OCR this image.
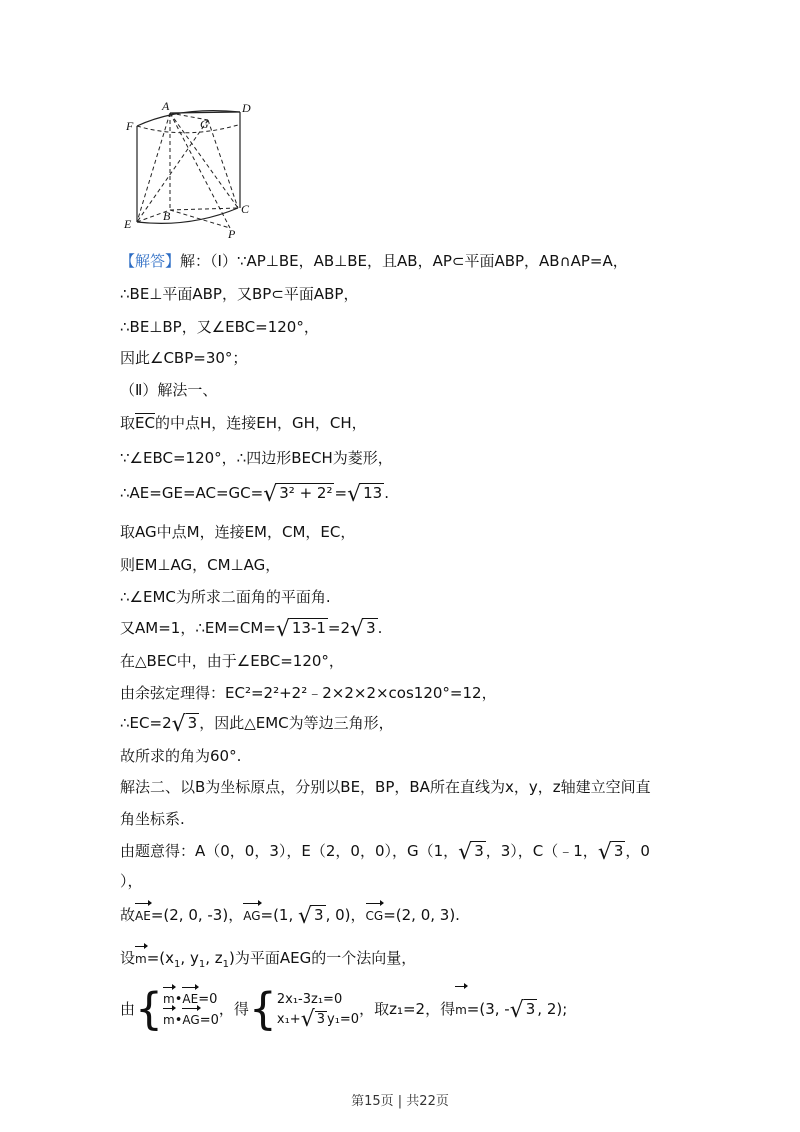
A	D
F	G
E
B	C
P
【解答】解：（Ⅰ）∵AP⊥BE，AB⊥BE，且AB，AP⊂平面ABP，AB∩AP=A，
∴BE⊥平面ABP，又BP⊂平面ABP，
∴BE⊥BP，又∠EBC=120°，
因此∠CBP=30°；
（Ⅱ）解法一、
取$\overline{EC}$的中点H，连接EH，GH，CH，
∵∠EBC=120°，∴四边形BECH为菱形，
∴AE=GE=AC=GC=√ 3² + 2² =√ 13 .
取AG中点M，连接EM，CM，EC，
则EM⊥AG，CM⊥AG，
∴∠EMC为所求二面角的平面角.
又AM=1，∴EM=CM=√ 13-1 =2√ 3 .
在△BEC中，由于∠EBC=120°，
由余弦定理得：EC²=2²+2²﹣2×2×2×cos120°=12，
∴EC=2√ 3 ，因此△EMC为等边三角形，
故所求的角为60°.
解法二、以B为坐标原点，分别以BE，BP，BA所在直线为x，y，z轴建立空间直
角坐标系.
由题意得：A（0，0，3），E（2，0，0），G（1，√ 3 ，3），C（﹣1，√ 3 ，0
），
故AE=(2, 0, -3)，AG=(1, √ 3 , 0)，CG=(2, 0, 3).
设$m=(x_1$, $y_1$, $z_1$)为平面AEG的一个法向量，
由{ m•AE=0
m•AG=0
，得{ 2x₁-3z₁=0
x₁+√ 3 y₁=0
，取z₁=2，得m=(3, -√ 3 , 2);
第15页 | 共22页
